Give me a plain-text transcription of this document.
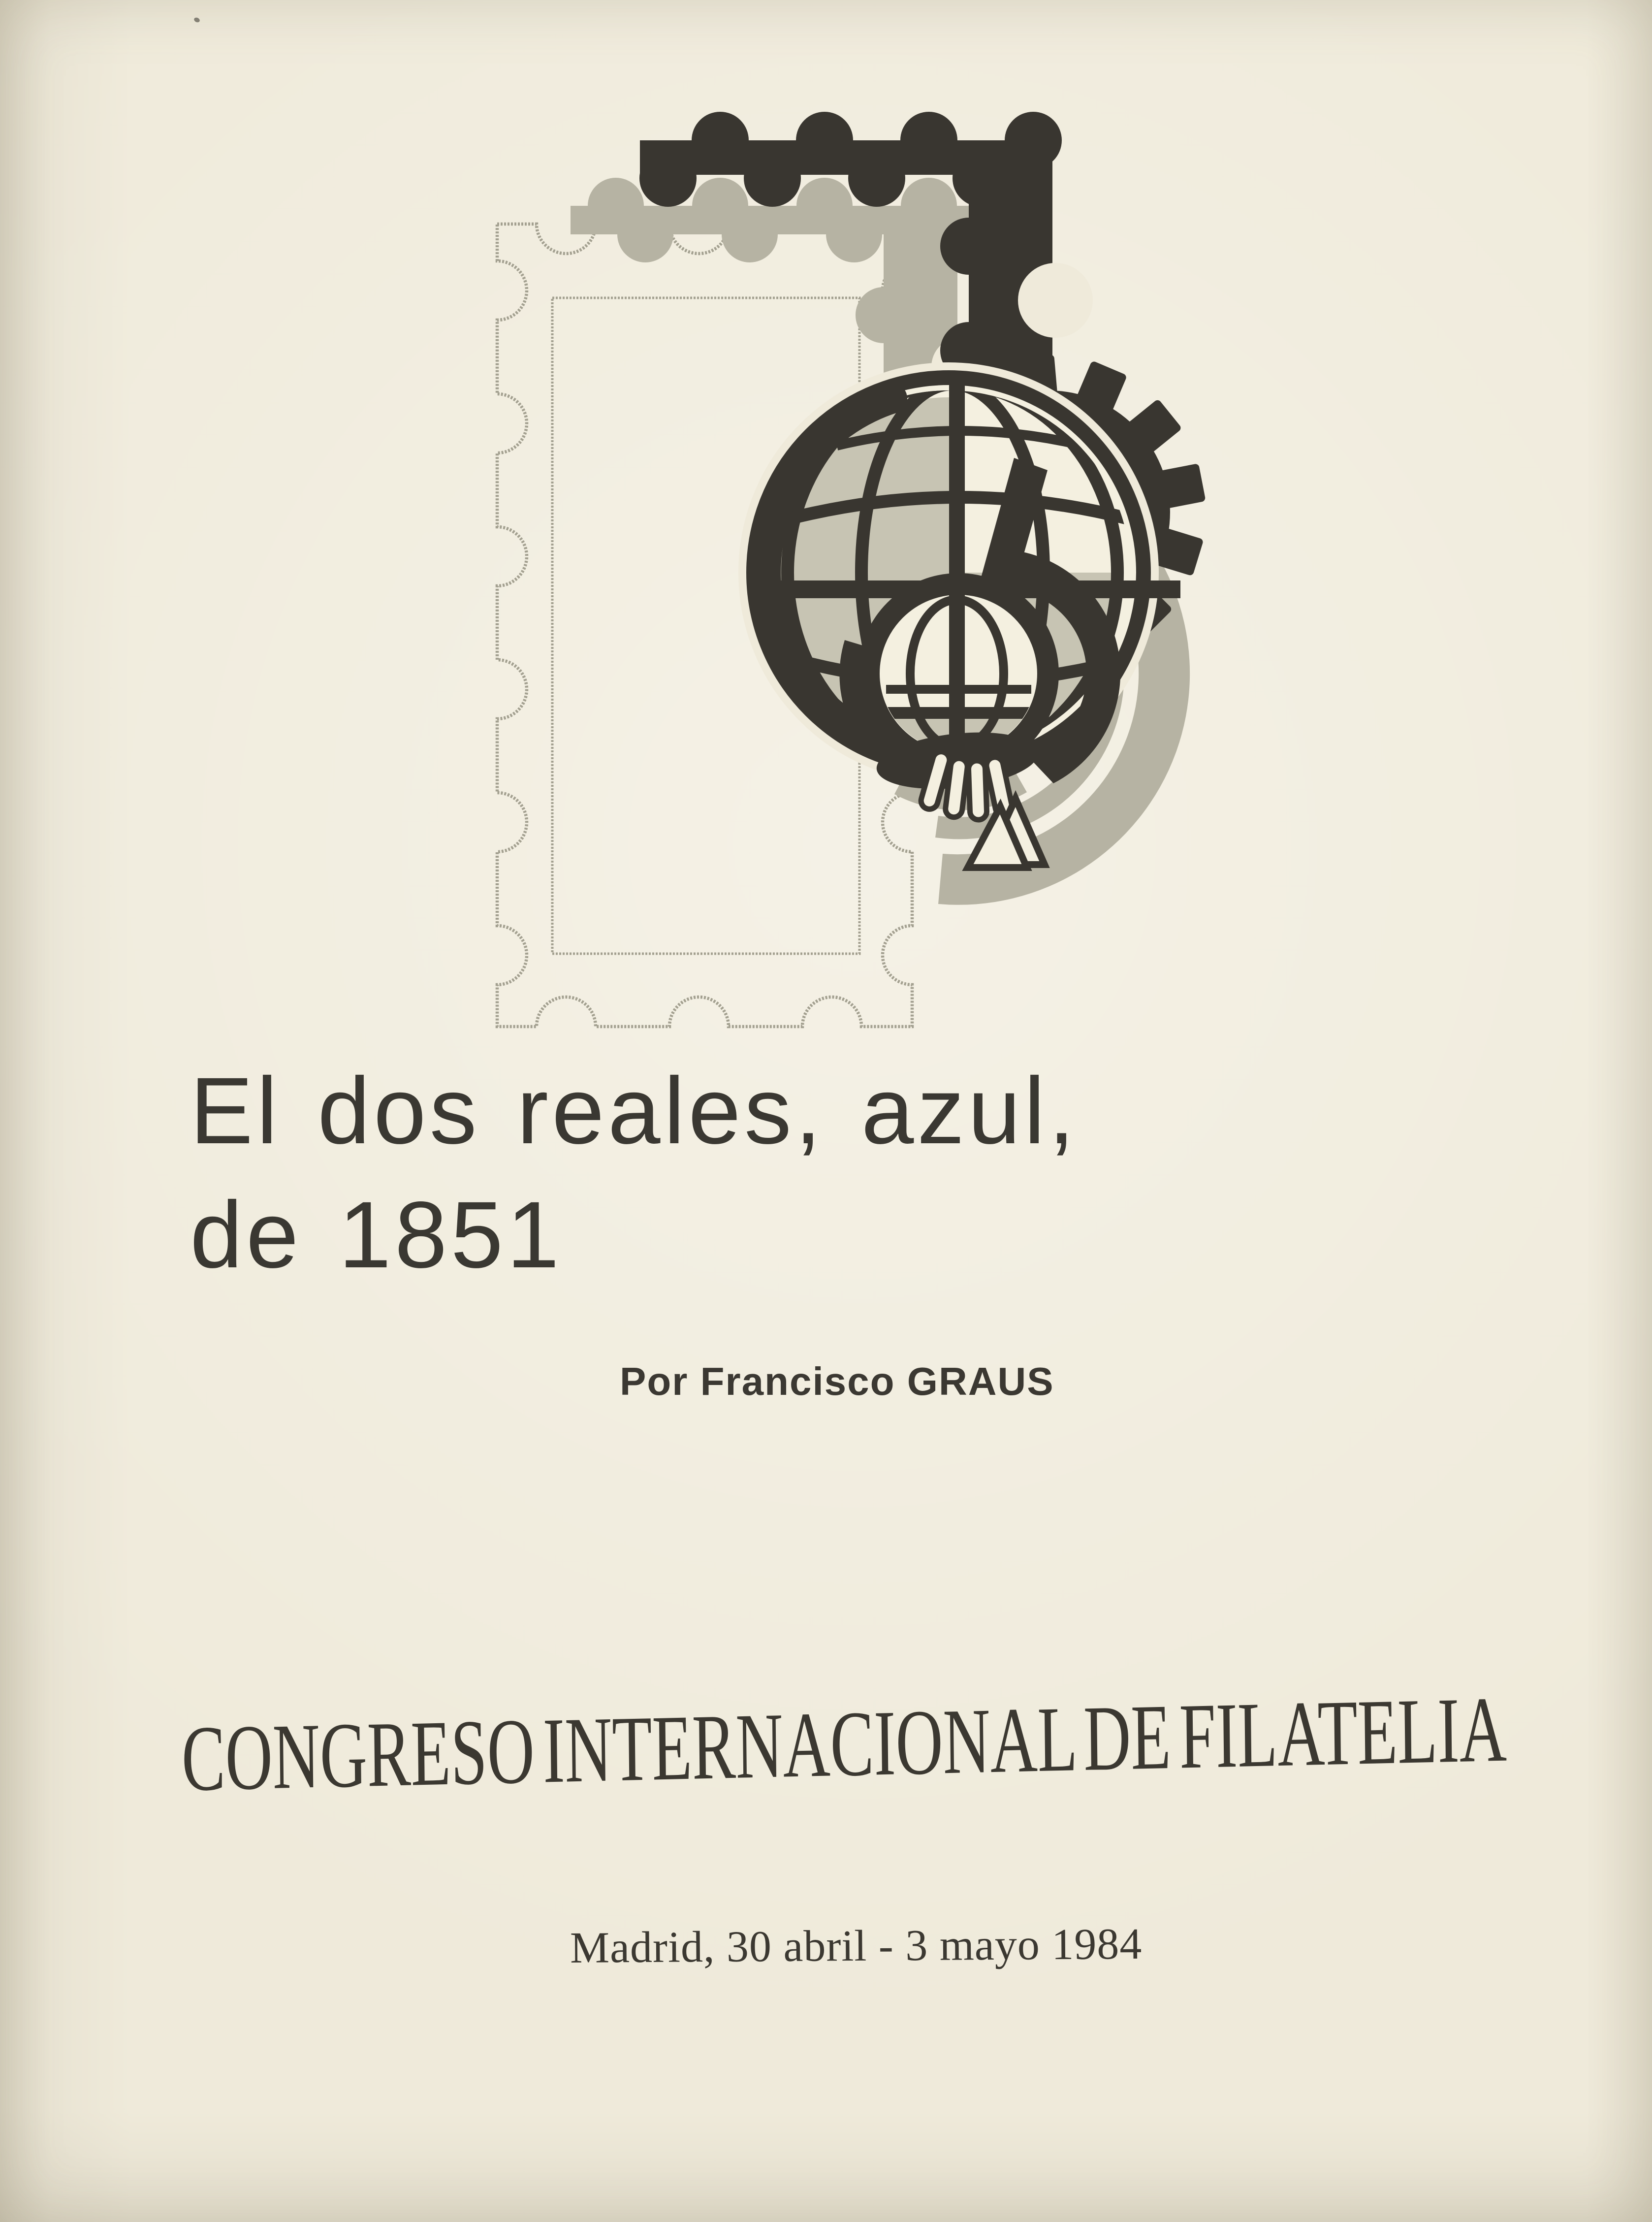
El dos reales, azul,
de 1851
Por Francisco GRAUS
CONGRESO INTERNACIONAL DE FILATELIA
Madrid, 30 abril - 3 mayo 1984
